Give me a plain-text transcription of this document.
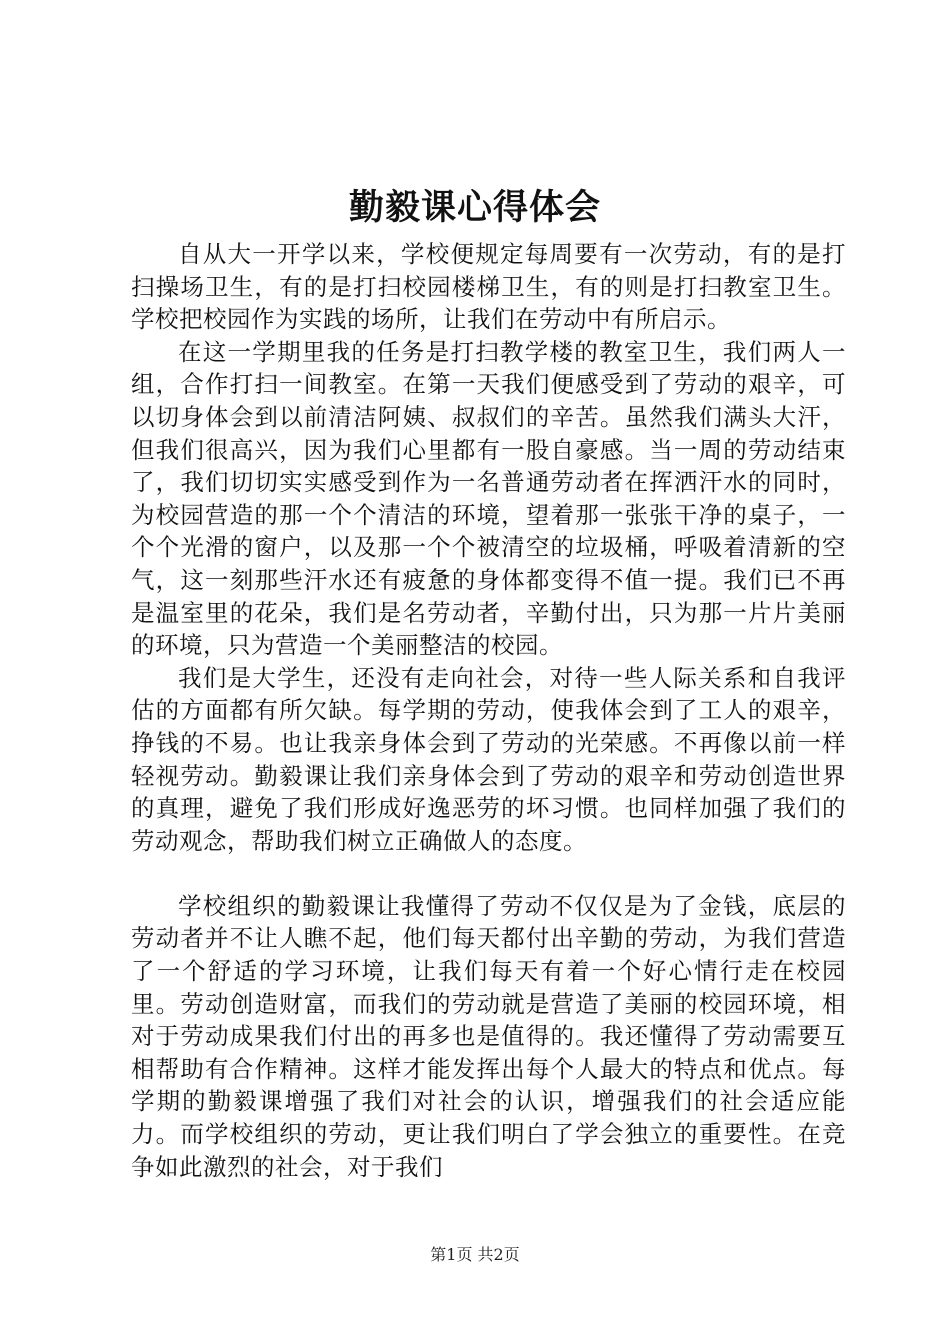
勤毅课心得体会

自从大一开学以来，学校便规定每周要有一次劳动，有的是打扫操场卫生，有的是打扫校园楼梯卫生，有的则是打扫教室卫生。学校把校园作为实践的场所，让我们在劳动中有所启示。

在这一学期里我的任务是打扫教学楼的教室卫生，我们两人一组，合作打扫一间教室。在第一天我们便感受到了劳动的艰辛，可以切身体会到以前清洁阿姨、叔叔们的辛苦。虽然我们满头大汗，但我们很高兴，因为我们心里都有一股自豪感。当一周的劳动结束了，我们切切实实感受到作为一名普通劳动者在挥洒汗水的同时，为校园营造的那一个个清洁的环境，望着那一张张干净的桌子，一个个光滑的窗户，以及那一个个被清空的垃圾桶，呼吸着清新的空气，这一刻那些汗水还有疲惫的身体都变得不值一提。我们已不再是温室里的花朵，我们是名劳动者，辛勤付出，只为那一片片美丽的环境，只为营造一个美丽整洁的校园。

我们是大学生，还没有走向社会，对待一些人际关系和自我评估的方面都有所欠缺。每学期的劳动，使我体会到了工人的艰辛，挣钱的不易。也让我亲身体会到了劳动的光荣感。不再像以前一样轻视劳动。勤毅课让我们亲身体会到了劳动的艰辛和劳动创造世界的真理，避免了我们形成好逸恶劳的坏习惯。也同样加强了我们的劳动观念，帮助我们树立正确做人的态度。

学校组织的勤毅课让我懂得了劳动不仅仅是为了金钱，底层的劳动者并不让人瞧不起，他们每天都付出辛勤的劳动，为我们营造了一个舒适的学习环境，让我们每天有着一个好心情行走在校园里。劳动创造财富，而我们的劳动就是营造了美丽的校园环境，相对于劳动成果我们付出的再多也是值得的。我还懂得了劳动需要互相帮助有合作精神。这样才能发挥出每个人最大的特点和优点。每学期的勤毅课增强了我们对社会的认识，增强我们的社会适应能力。而学校组织的劳动，更让我们明白了学会独立的重要性。在竞争如此激烈的社会，对于我们

第1页 共2页
